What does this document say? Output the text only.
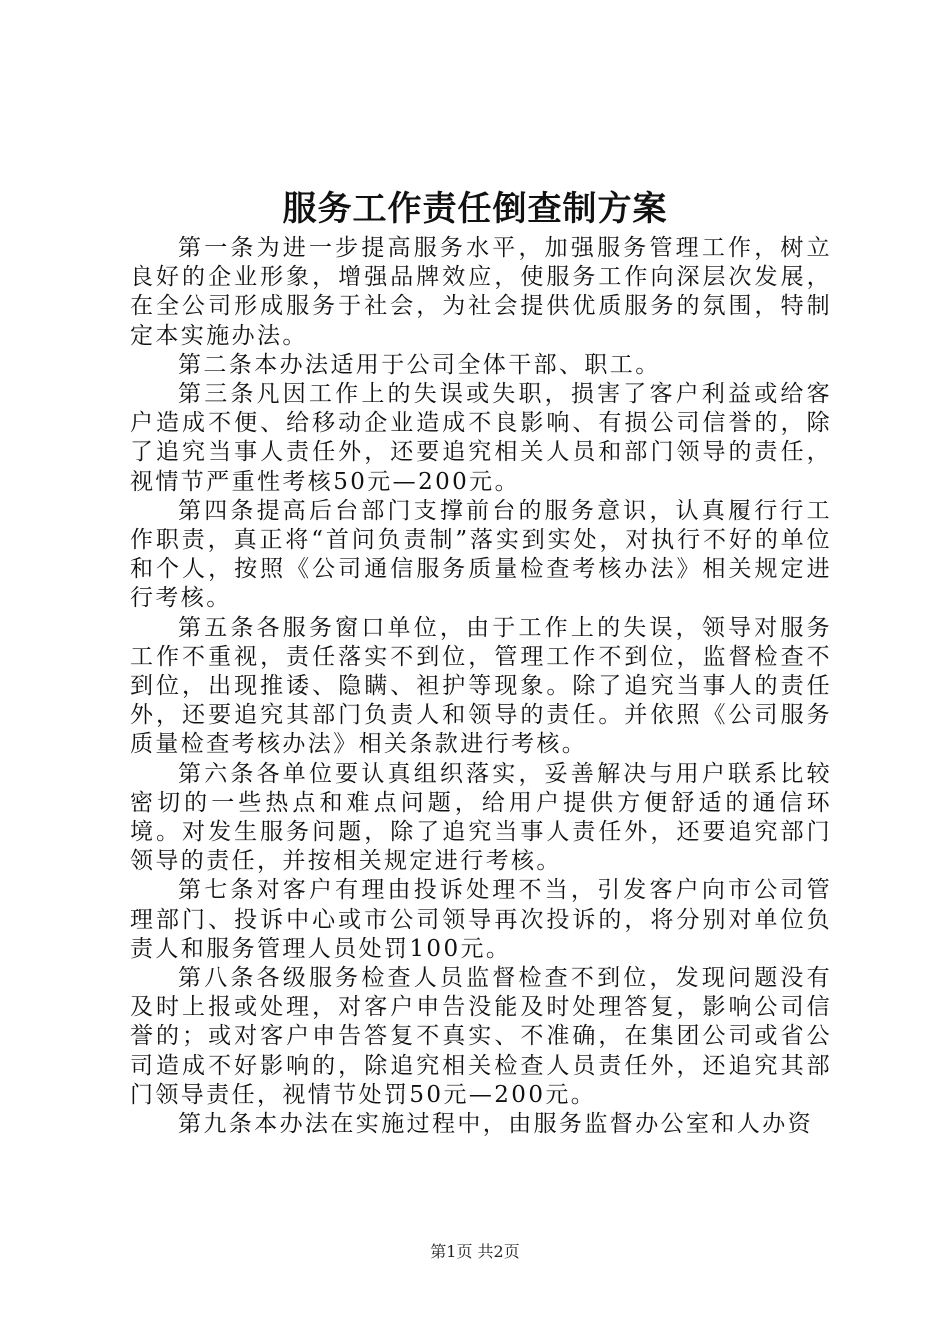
服务工作责任倒查制方案

第一条为进一步提高服务水平，加强服务管理工作，树立良好的企业形象，增强品牌效应，使服务工作向深层次发展，在全公司形成服务于社会，为社会提供优质服务的氛围，特制定本实施办法。

第二条本办法适用于公司全体干部、职工。

第三条凡因工作上的失误或失职，损害了客户利益或给客户造成不便、给移动企业造成不良影响、有损公司信誉的，除了追究当事人责任外，还要追究相关人员和部门领导的责任，视情节严重性考核50元—200元。

第四条提高后台部门支撑前台的服务意识，认真履行行工作职责，真正将“首问负责制”落实到实处，对执行不好的单位和个人，按照《公司通信服务质量检查考核办法》相关规定进行考核。

第五条各服务窗口单位，由于工作上的失误，领导对服务工作不重视，责任落实不到位，管理工作不到位，监督检查不到位，出现推诿、隐瞒、袒护等现象。除了追究当事人的责任外，还要追究其部门负责人和领导的责任。并依照《公司服务质量检查考核办法》相关条款进行考核。

第六条各单位要认真组织落实，妥善解决与用户联系比较密切的一些热点和难点问题，给用户提供方便舒适的通信环境。对发生服务问题，除了追究当事人责任外，还要追究部门领导的责任，并按相关规定进行考核。

第七条对客户有理由投诉处理不当，引发客户向市公司管理部门、投诉中心或市公司领导再次投诉的，将分别对单位负责人和服务管理人员处罚100元。

第八条各级服务检查人员监督检查不到位，发现问题没有及时上报或处理，对客户申告没能及时处理答复，影响公司信誉的；或对客户申告答复不真实、不准确，在集团公司或省公司造成不好影响的，除追究相关检查人员责任外，还追究其部门领导责任，视情节处罚50元—200元。

第九条本办法在实施过程中，由服务监督办公室和人办资

第1页 共2页
